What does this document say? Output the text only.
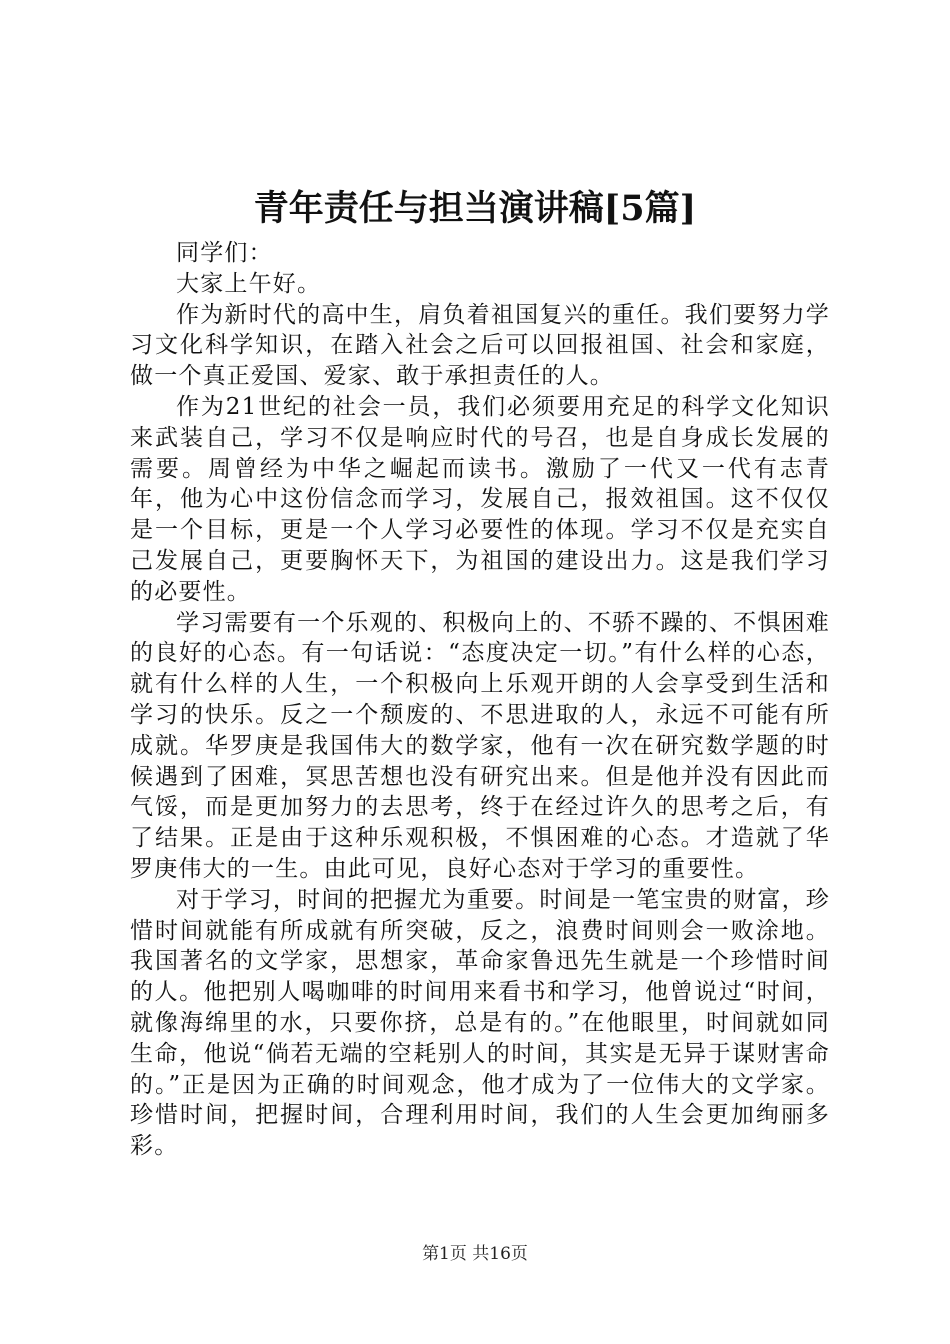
青年责任与担当演讲稿[5篇]

同学们：

大家上午好。

作为新时代的高中生，肩负着祖国复兴的重任。我们要努力学习文化科学知识，在踏入社会之后可以回报祖国、社会和家庭，做一个真正爱国、爱家、敢于承担责任的人。

作为21世纪的社会一员，我们必须要用充足的科学文化知识来武装自己，学习不仅是响应时代的号召，也是自身成长发展的需要。周曾经为中华之崛起而读书。激励了一代又一代有志青年，他为心中这份信念而学习，发展自己，报效祖国。这不仅仅是一个目标，更是一个人学习必要性的体现。学习不仅是充实自己发展自己，更要胸怀天下，为祖国的建设出力。这是我们学习的必要性。

学习需要有一个乐观的、积极向上的、不骄不躁的、不惧困难的良好的心态。有一句话说：“态度决定一切。”有什么样的心态，就有什么样的人生，一个积极向上乐观开朗的人会享受到生活和学习的快乐。反之一个颓废的、不思进取的人，永远不可能有所成就。华罗庚是我国伟大的数学家，他有一次在研究数学题的时候遇到了困难，冥思苦想也没有研究出来。但是他并没有因此而气馁，而是更加努力的去思考，终于在经过许久的思考之后，有了结果。正是由于这种乐观积极，不惧困难的心态。才造就了华罗庚伟大的一生。由此可见，良好心态对于学习的重要性。

对于学习，时间的把握尤为重要。时间是一笔宝贵的财富，珍惜时间就能有所成就有所突破，反之，浪费时间则会一败涂地。我国著名的文学家，思想家，革命家鲁迅先生就是一个珍惜时间的人。他把别人喝咖啡的时间用来看书和学习，他曾说过“时间，就像海绵里的水，只要你挤，总是有的。”在他眼里，时间就如同生命，他说“倘若无端的空耗别人的时间，其实是无异于谋财害命的。”正是因为正确的时间观念，他才成为了一位伟大的文学家。珍惜时间，把握时间，合理利用时间，我们的人生会更加绚丽多彩。

第1页 共16页
